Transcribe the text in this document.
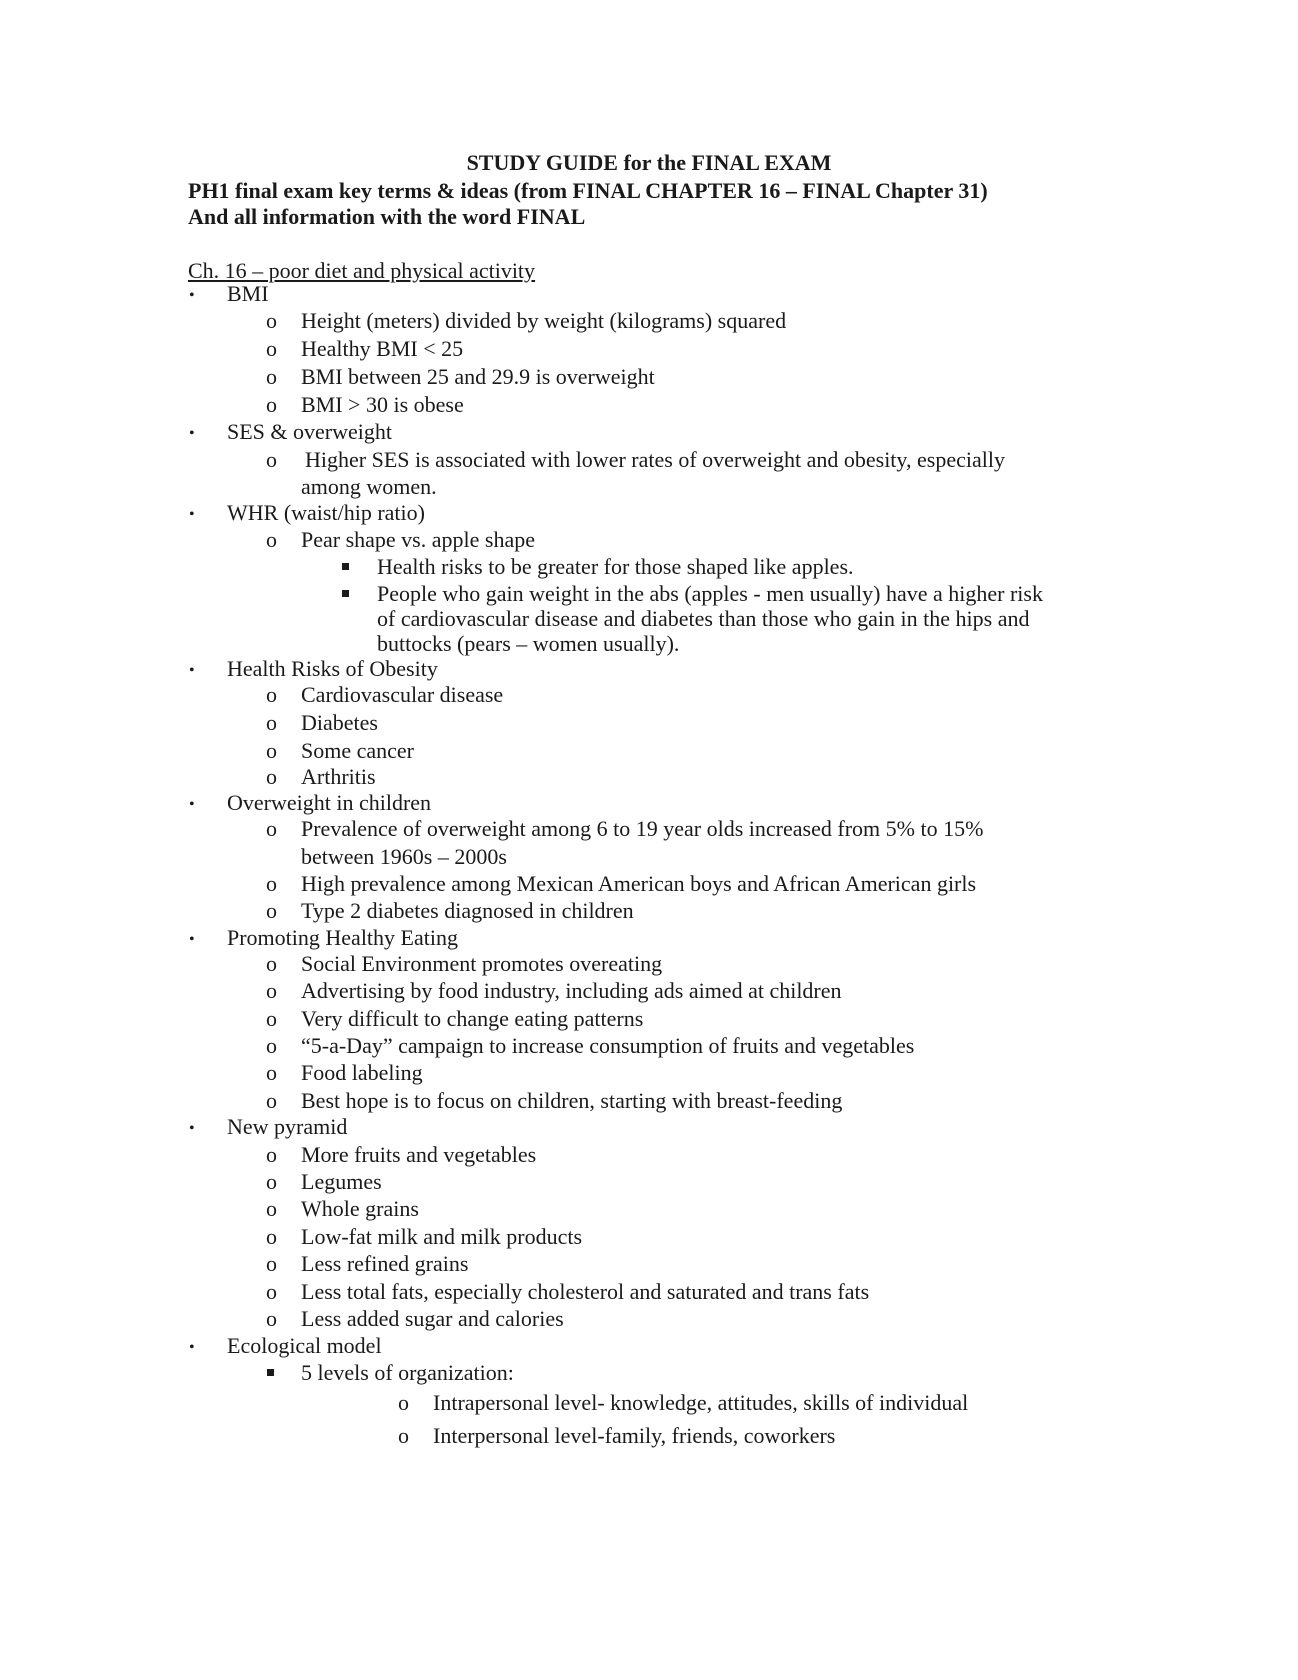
STUDY GUIDE for the FINAL EXAM

PH1 final exam key terms & ideas (from FINAL CHAPTER 16 – FINAL Chapter 31)

And all information with the word FINAL

Ch. 16 – poor diet and physical activity
• BMI
o Height (meters) divided by weight (kilograms) squared
o Healthy BMI < 25
o BMI between 25 and 29.9 is overweight
o BMI > 30 is obese
• SES & overweight
o Higher SES is associated with lower rates of overweight and obesity, especially
among women.
• WHR (waist/hip ratio)
o Pear shape vs. apple shape
Health risks to be greater for those shaped like apples.
People who gain weight in the abs (apples - men usually) have a higher risk
of cardiovascular disease and diabetes than those who gain in the hips and
buttocks (pears – women usually).
• Health Risks of Obesity
o Cardiovascular disease
o Diabetes
o Some cancer
o Arthritis
• Overweight in children
o Prevalence of overweight among 6 to 19 year olds increased from 5% to 15%
between 1960s – 2000s
o High prevalence among Mexican American boys and African American girls
o Type 2 diabetes diagnosed in children
• Promoting Healthy Eating
o Social Environment promotes overeating
o Advertising by food industry, including ads aimed at children
o Very difficult to change eating patterns
o “5-a-Day” campaign to increase consumption of fruits and vegetables
o Food labeling
o Best hope is to focus on children, starting with breast-feeding
• New pyramid
o More fruits and vegetables
o Legumes
o Whole grains
o Low-fat milk and milk products
o Less refined grains
o Less total fats, especially cholesterol and saturated and trans fats
o Less added sugar and calories
• Ecological model
5 levels of organization:
o Intrapersonal level- knowledge, attitudes, skills of individual
o Interpersonal level-family, friends, coworkers
